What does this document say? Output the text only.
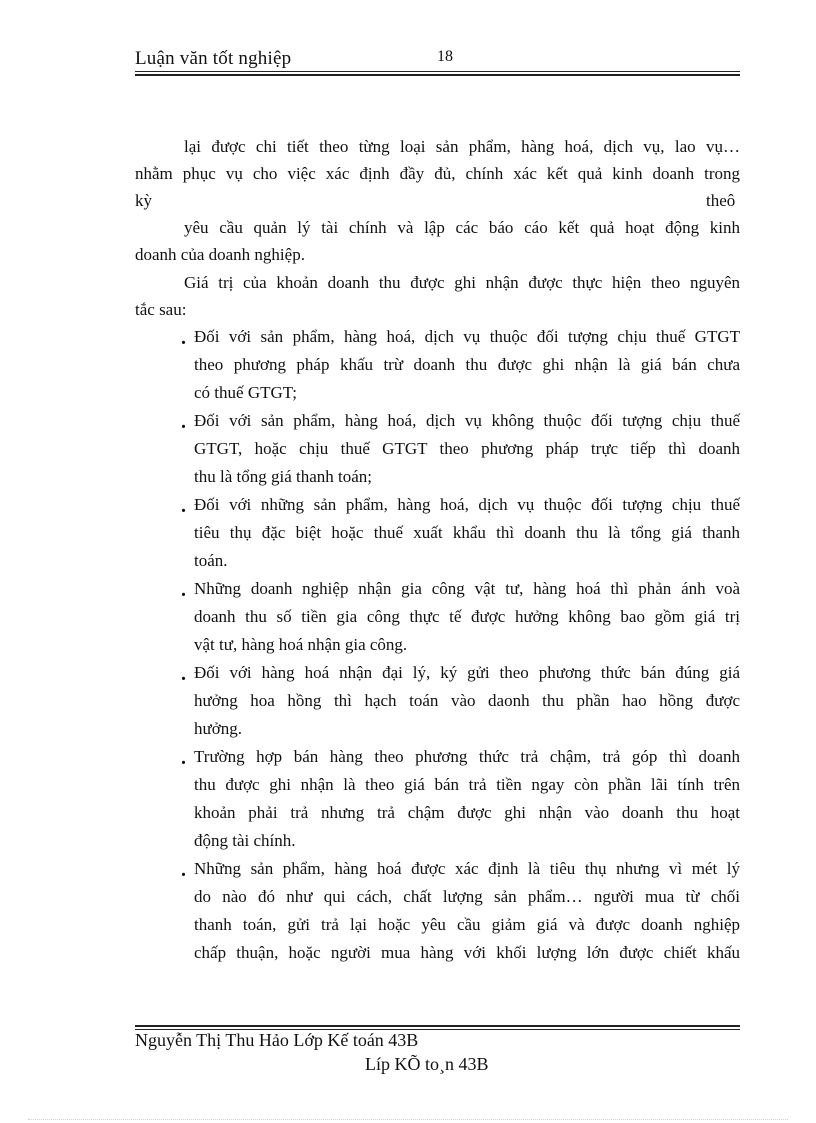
Luận văn tốt nghiệp	18
lại được chi tiết theo từng loại sản phẩm, hàng hoá, dịch vụ, lao vụ…
nhằm phục vụ cho việc xác định đầy đủ, chính xác kết quả kinh doanh trong
kỳ	theô
yêu cầu quản lý tài chính và lập các báo cáo kết quả hoạt động kinh
doanh của doanh nghiệp.
Giá trị của khoản doanh thu được ghi nhận được thực hiện theo nguyên
tắc sau:
. Đối với sản phẩm, hàng hoá, dịch vụ thuộc đối tượng chịu thuế GTGT
theo phương pháp khấu trừ doanh thu được ghi nhận là giá bán chưa
có thuế GTGT;
. Đối với sản phẩm, hàng hoá, dịch vụ không thuộc đối tượng chịu thuế
GTGT, hoặc chịu thuế GTGT theo phương pháp trực tiếp thì doanh
thu là tổng giá thanh toán;
. Đối với những sản phẩm, hàng hoá, dịch vụ thuộc đối tượng chịu thuế
tiêu thụ đặc biệt hoặc thuế xuất khẩu thì doanh thu là tổng giá thanh
toán.
. Những doanh nghiệp nhận gia công vật tư, hàng hoá thì phản ánh voà
doanh thu số tiền gia công thực tế được hưởng không bao gồm giá trị
vật tư, hàng hoá nhận gia công.
. Đối với hàng hoá nhận đại lý, ký gửi theo phương thức bán đúng giá
hưởng hoa hồng thì hạch toán vào daonh thu phần hao hồng được
hưởng.
. Trường hợp bán hàng theo phương thức trả chậm, trả góp thì doanh
thu được ghi nhận là theo giá bán trả tiền ngay còn phần lãi tính trên
khoản phải trả nhưng trả chậm được ghi nhận vào doanh thu hoạt
động tài chính.
. Những sản phẩm, hàng hoá được xác định là tiêu thụ nhưng vì mét lý
do nào đó như qui cách, chất lượng sản phẩm… người mua từ chối
thanh toán, gửi trả lại hoặc yêu cầu giảm giá và được doanh nghiệp
chấp thuận, hoặc người mua hàng với khối lượng lớn được chiết khấu
Nguyễn Thị Thu Hảo Lớp Kế toán 43B
Líp KÕ to¸n 43B
